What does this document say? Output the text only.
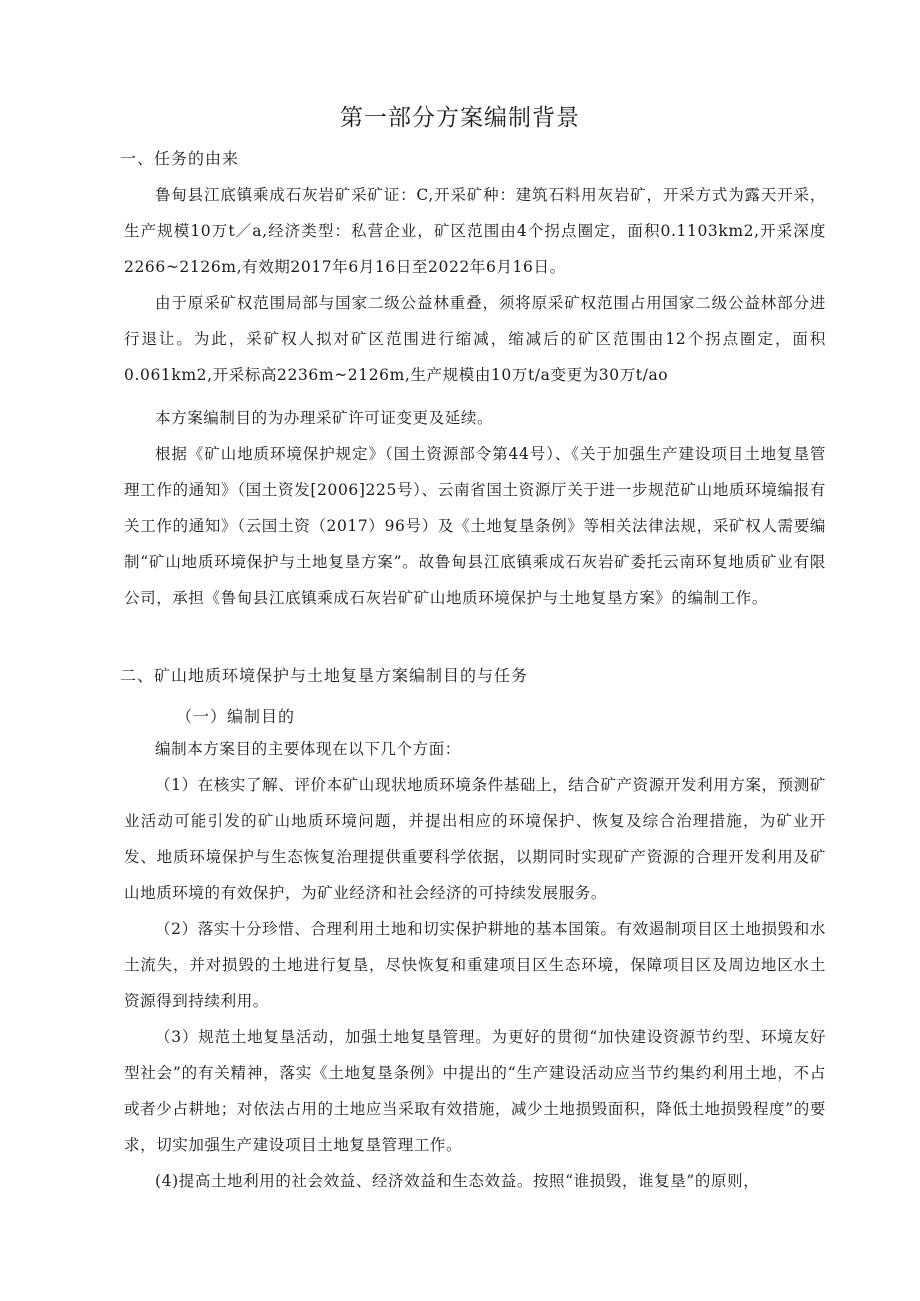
第一部分方案编制背景
一、任务的由来

鲁甸县江底镇乘成石灰岩矿采矿证：C,开采矿种：建筑石料用灰岩矿，开采方式为露天开采，生产规模10万t／a,经济类型：私营企业，矿区范围由4个拐点圈定，面积0.1103km2,开采深度2266~2126m,有效期2017年6月16日至2022年6月16日。

由于原采矿权范围局部与国家二级公益林重叠，须将原采矿权范围占用国家二级公益林部分进行退让。为此，采矿权人拟对矿区范围进行缩减，缩减后的矿区范围由12个拐点圈定，面积0.061km2,开采标高2236m~2126m,生产规模由10万t/a变更为30万t/ao

本方案编制目的为办理采矿许可证变更及延续。

根据《矿山地质环境保护规定》（国土资源部令第44号）、《关于加强生产建设项目土地复垦管理工作的通知》（国土资发[2006]225号）、云南省国土资源厅关于进一步规范矿山地质环境编报有关工作的通知》（云国土资（2017）96号）及《土地复垦条例》等相关法律法规，采矿权人需要编制“矿山地质环境保护与土地复垦方案”。故鲁甸县江底镇乘成石灰岩矿委托云南环复地质矿业有限公司，承担《鲁甸县江底镇乘成石灰岩矿矿山地质环境保护与土地复垦方案》的编制工作。

二、矿山地质环境保护与土地复垦方案编制目的与任务
（一）编制目的

编制本方案目的主要体现在以下几个方面：

（1）在核实了解、评价本矿山现状地质环境条件基础上，结合矿产资源开发利用方案，预测矿业活动可能引发的矿山地质环境问题，并提出相应的环境保护、恢复及综合治理措施，为矿业开发、地质环境保护与生态恢复治理提供重要科学依据，以期同时实现矿产资源的合理开发利用及矿山地质环境的有效保护，为矿业经济和社会经济的可持续发展服务。

（2）落实十分珍惜、合理利用土地和切实保护耕地的基本国策。有效遏制项目区土地损毁和水土流失，并对损毁的土地进行复垦，尽快恢复和重建项目区生态环境，保障项目区及周边地区水土资源得到持续利用。

（3）规范土地复垦活动，加强土地复垦管理。为更好的贯彻“加快建设资源节约型、环境友好型社会”的有关精神，落实《土地复垦条例》中提出的“生产建设活动应当节约集约利用土地，不占或者少占耕地；对依法占用的土地应当采取有效措施，减少土地损毁面积，降低土地损毁程度”的要求，切实加强生产建设项目土地复垦管理工作。

(4)提高土地利用的社会效益、经济效益和生态效益。按照“谁损毁，谁复垦”的原则，
